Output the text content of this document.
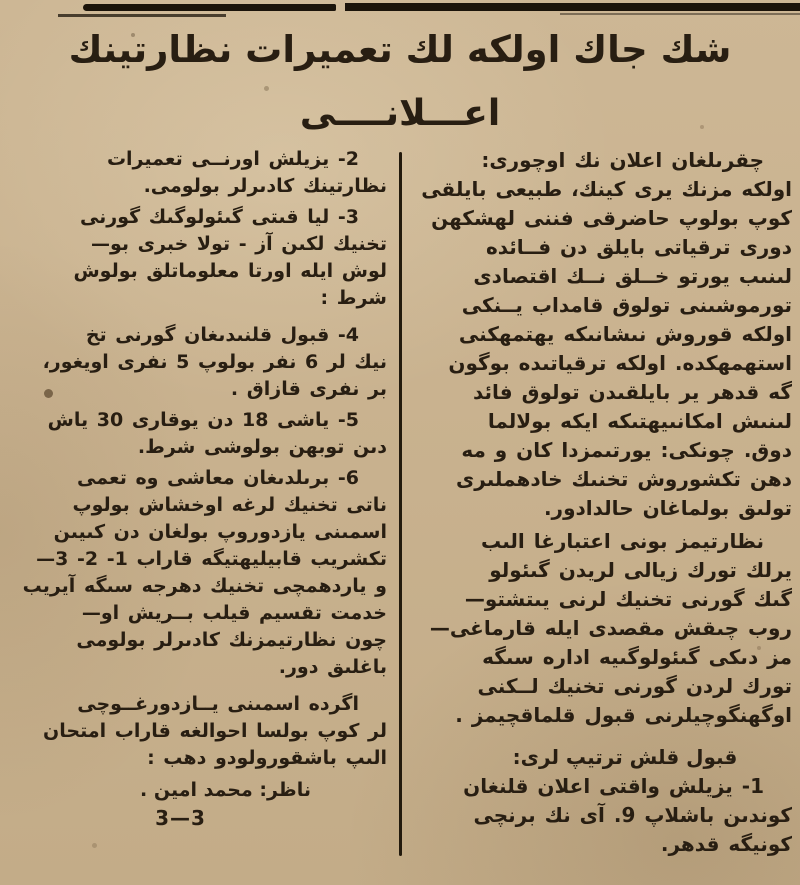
شك جاك اولكه لك تعميرات نظارتينك
اعـــلانــــى
چقرىلغان اعلان نك اوچورى:
اولكه مزنك يرى كينك، طبيعى بايلقى
كوپ بولوپ حاضرقى فننى لهشكهن
دورى ترقياتى بايلق دن فــائده
لىنىب يورتو خــلق نــك اقتصادى
تورموشىنى تولوق قامداب يــنكى
اولكه قوروش نىشانىكه يهتمهكنى
استهمهكده. اولكه ترقياتىده بوگون
گه قدهر ير بايلقىدن تولوق فائد
لىنىش امكانىيهتىكه ايكه بولالما
دوق. چونكى: يورتىمزدا كان و مه
دهن تكشوروش تخنىك خادهملىرى
تولىق بولماغان حالدادور.
نظارتيمز بونى اعتبارغا الىب
يرلك تورك زيالى لريدن گىئولو
گىك گورنى تخنيك لرنى يىتشتو—
روب چىقش مقصدى ايله قارماغى—
مز دىكى گىئولوگىيه اداره سىگه
تورك لردن گورنى تخنيك لــكنى
اوگهنگوچيلرنى قبول قلماقچيمز .
قبول قلش ترتيپ لرى:
1- يزيلش واقتى اعلان قلنغان
كوندىن باشلاپ 9. آى نك برنچى
كونيگه قدهر.
2- يزيلش اورنــى تعميرات
نظارتينك كادىرلر بولومى.
3- ليا قىتى گىئولوگىك گورنى
تخنيك لكىن آز - تولا خبرى بو—
لوش ايله اورتا معلوماتلق بولوش
شرط :
4- قبول قلنىدىغان گورنى تخ
نيك لر 6 نفر بولوپ 5 نفرى اويغور،
بر نفرى قازاق .
5- ياشى 18 دن يوقارى 30 ياش
دىن توبهن بولوشى شرط.
6- برىلدىغان معاشى وه تعمى
ناتى تخنيك لرغه اوخشاش بولوپ
اسمىنى يازدوروپ بولغان دن كىيىن
تكشريب قابيليهتيگه قاراب 1- 2- 3—
و ياردهمچى تخنيك دهرجه سىگه آيريب
خدمت تقسيم قيلب بــريش او—
چون نظارتيمزنك كادىرلر بولومى
باغلىق دور.
اگرده اسمىنى يــازدورغــوچى
لر كوپ بولسا احوالغه قاراب امتحان
الىپ باشقورولودو دهب :
ناظر: محمد امين .
3—3
